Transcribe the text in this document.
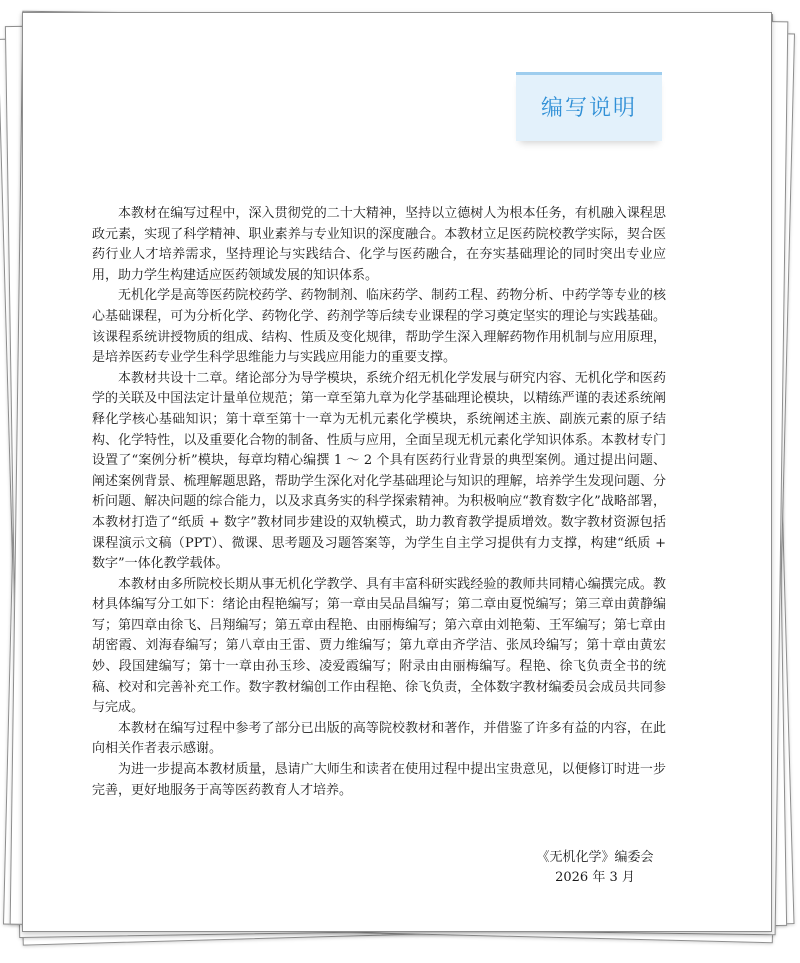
编写说明

本教材在编写过程中，深入贯彻党的二十大精神，坚持以立德树人为根本任务，有机融入课程思政元素，实现了科学精神、职业素养与专业知识的深度融合。本教材立足医药院校教学实际，契合医药行业人才培养需求，坚持理论与实践结合、化学与医药融合，在夯实基础理论的同时突出专业应用，助力学生构建适应医药领域发展的知识体系。

无机化学是高等医药院校药学、药物制剂、临床药学、制药工程、药物分析、中药学等专业的核心基础课程，可为分析化学、药物化学、药剂学等后续专业课程的学习奠定坚实的理论与实践基础。该课程系统讲授物质的组成、结构、性质及变化规律，帮助学生深入理解药物作用机制与应用原理，是培养医药专业学生科学思维能力与实践应用能力的重要支撑。

本教材共设十二章。绪论部分为导学模块，系统介绍无机化学发展与研究内容、无机化学和医药学的关联及中国法定计量单位规范；第一章至第九章为化学基础理论模块，以精练严谨的表述系统阐释化学核心基础知识；第十章至第十一章为无机元素化学模块，系统阐述主族、副族元素的原子结构、化学特性，以及重要化合物的制备、性质与应用，全面呈现无机元素化学知识体系。本教材专门设置了“案例分析”模块，每章均精心编撰 1 ～ 2 个具有医药行业背景的典型案例。通过提出问题、阐述案例背景、梳理解题思路，帮助学生深化对化学基础理论与知识的理解，培养学生发现问题、分析问题、解决问题的综合能力，以及求真务实的科学探索精神。为积极响应“教育数字化”战略部署，本教材打造了“纸质 + 数字”教材同步建设的双轨模式，助力教育教学提质增效。数字教材资源包括课程演示文稿（PPT）、微课、思考题及习题答案等，为学生自主学习提供有力支撑，构建“纸质 + 数字”一体化教学载体。

本教材由多所院校长期从事无机化学教学、具有丰富科研实践经验的教师共同精心编撰完成。教材具体编写分工如下：绪论由程艳编写；第一章由吴品昌编写；第二章由夏悦编写；第三章由黄静编写；第四章由徐飞、吕翔编写；第五章由程艳、由丽梅编写；第六章由刘艳菊、王军编写；第七章由胡密霞、刘海春编写；第八章由王雷、贾力维编写；第九章由齐学洁、张凤玲编写；第十章由黄宏妙、段国建编写；第十一章由孙玉珍、凌爱霞编写；附录由由丽梅编写。程艳、徐飞负责全书的统稿、校对和完善补充工作。数字教材编创工作由程艳、徐飞负责，全体数字教材编委员会成员共同参与完成。

本教材在编写过程中参考了部分已出版的高等院校教材和著作，并借鉴了许多有益的内容，在此向相关作者表示感谢。

为进一步提高本教材质量，恳请广大师生和读者在使用过程中提出宝贵意见，以便修订时进一步完善，更好地服务于高等医药教育人才培养。

《无机化学》编委会
2026 年 3 月
